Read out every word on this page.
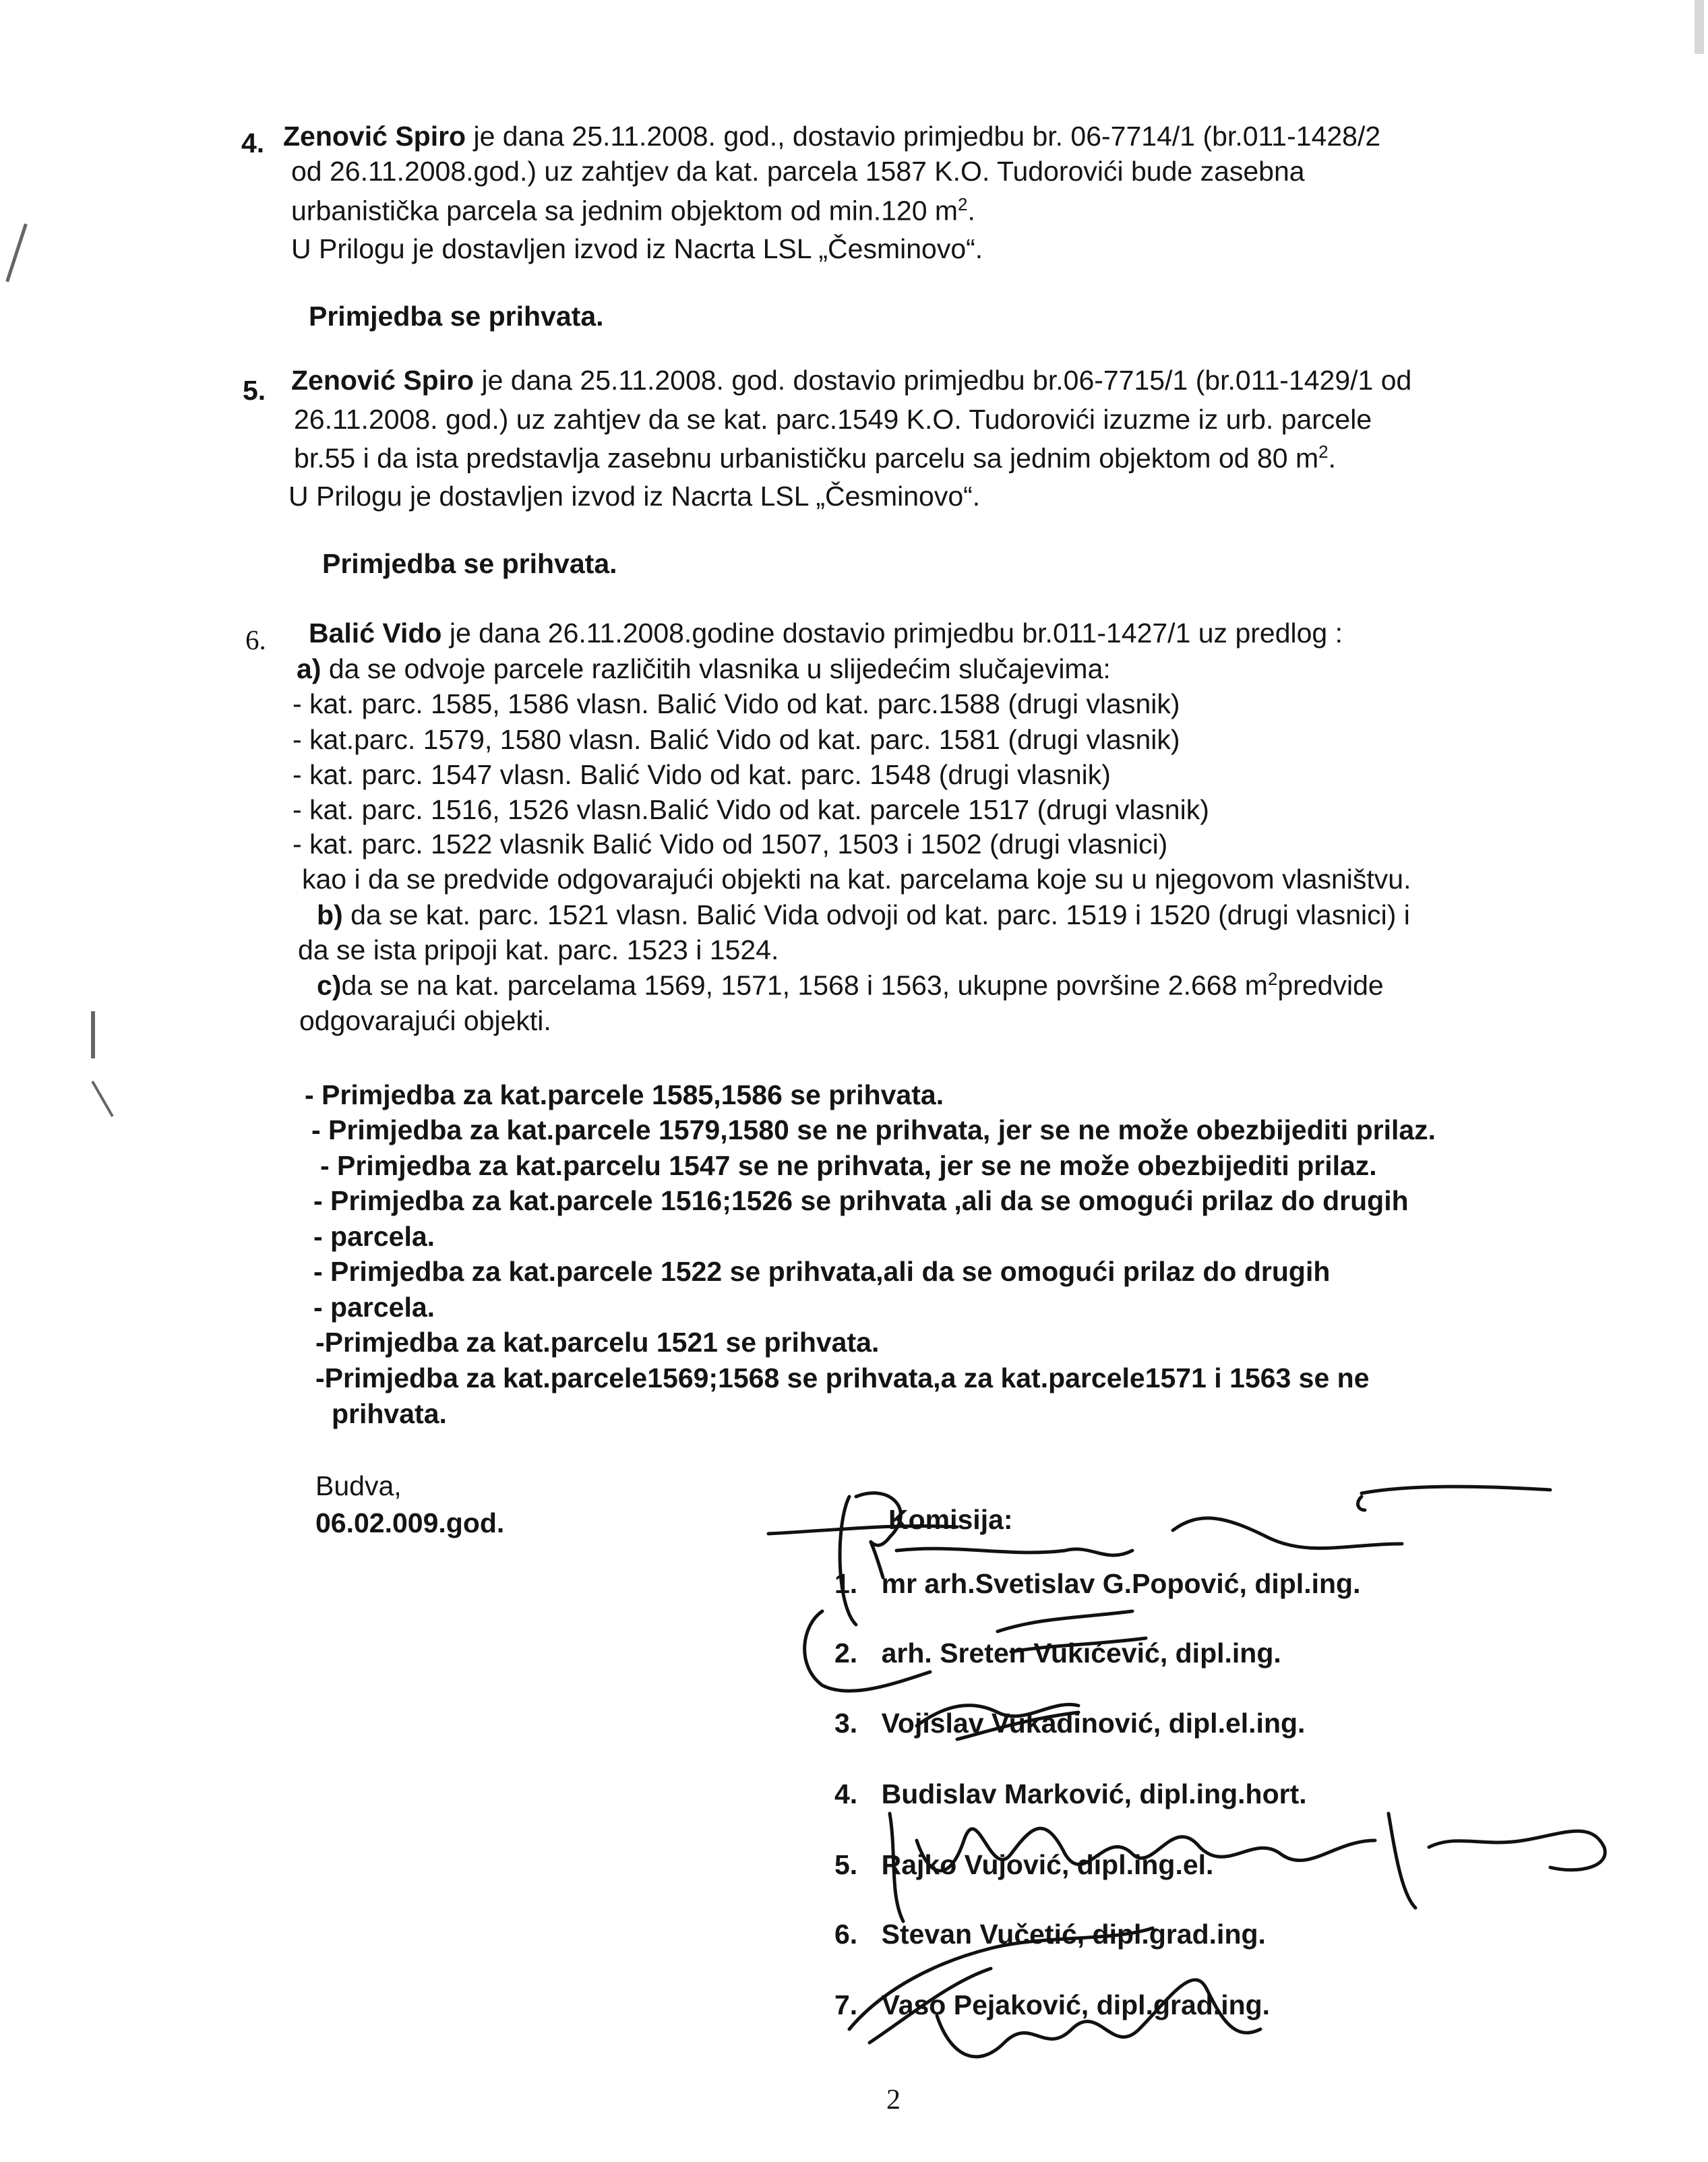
4. Zenović Spiro je dana 25.11.2008. god., dostavio primjedbu br. 06-7714/1 (br.011-1428/2
od 26.11.2008.god.) uz zahtjev da kat. parcela 1587 K.O. Tudorovići bude zasebna
urbanistička parcela sa jednim objektom od min.120 $m^2$.
U Prilogu je dostavljen izvod iz Nacrta LSL „Česminovo“.
Primjedba se prihvata.
5. Zenović Spiro je dana 25.11.2008. god. dostavio primjedbu br.06-7715/1 (br.011-1429/1 od
26.11.2008. god.) uz zahtjev da se kat. parc.1549 K.O. Tudorovići izuzme iz urb. parcele
br.55 i da ista predstavlja zasebnu urbanističku parcelu sa jednim objektom od 80 $m^2$.
U Prilogu je dostavljen izvod iz Nacrta LSL „Česminovo“.
Primjedba se prihvata.
6. Balić Vido je dana 26.11.2008.godine dostavio primjedbu br.011-1427/1 uz predlog :
a) da se odvoje parcele različitih vlasnika u slijedećim slučajevima:
- kat. parc. 1585, 1586 vlasn. Balić Vido od kat. parc.1588 (drugi vlasnik)
- kat.parc. 1579, 1580 vlasn. Balić Vido od kat. parc. 1581 (drugi vlasnik)
- kat. parc. 1547 vlasn. Balić Vido od kat. parc. 1548 (drugi vlasnik)
- kat. parc. 1516, 1526 vlasn.Balić Vido od kat. parcele 1517 (drugi vlasnik)
- kat. parc. 1522 vlasnik Balić Vido od 1507, 1503 i 1502 (drugi vlasnici)
kao i da se predvide odgovarajući objekti na kat. parcelama koje su u njegovom vlasništvu.
b) da se kat. parc. 1521 vlasn. Balić Vida odvoji od kat. parc. 1519 i 1520 (drugi vlasnici) i
da se ista pripoji kat. parc. 1523 i 1524.
c)da se na kat. parcelama 1569, 1571, 1568 i 1563, ukupne površine 2.668 $m^2predvide$
odgovarajući objekti.
- Primjedba za kat.parcele 1585,1586 se prihvata.
- Primjedba za kat.parcele 1579,1580 se ne prihvata, jer se ne može obezbijediti prilaz.
- Primjedba za kat.parcelu 1547 se ne prihvata, jer se ne može obezbijediti prilaz.
- Primjedba za kat.parcele 1516;1526 se prihvata ,ali da se omogući prilaz do drugih
- parcela.
- Primjedba za kat.parcele 1522 se prihvata,ali da se omogući prilaz do drugih
- parcela.
-Primjedba za kat.parcelu 1521 se prihvata.
-Primjedba za kat.parcele1569;1568 se prihvata,a za kat.parcele1571 i 1563 se ne
prihvata.
Budva,
06.02.009.god.	Komisija:
1. mr arh.Svetislav G.Popović, dipl.ing.
2. arh. Sreten Vukićević, dipl.ing.
3. Vojislav Vukadinović, dipl.el.ing.
4. Budislav Marković, dipl.ing.hort.
5. Rajko Vujović, dipl.ing.el.
6. Stevan Vučetić, dipl.grad.ing.
7. Vaso Pejaković, dipl.grad.ing.
2
